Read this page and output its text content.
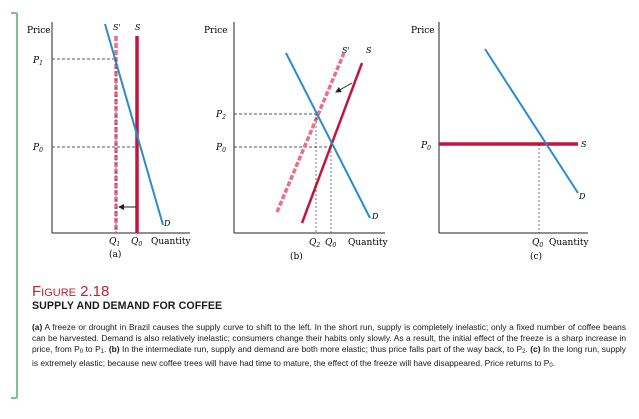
Price
$P_1$
$P_0$
S' S
D
$Q_1$ $Q_0$ Quantity
(a)
Price
$P_2$
$P_0$
S' S
D
$Q_2$ $Q_0$ Quantity
(b)
Price
$P_0$	S
D
$Q_0$ Quantity
(c)
Figure 2.18
SUPPLY AND DEMAND FOR COFFEE

(a) A freeze or drought in Brazil causes the supply curve to shift to the left. In the short run, supply is completely inelastic; only a fixed number of coffee beans can be harvested. Demand is also relatively inelastic; consumers change their habits only slowly. As a result, the initial effect of the freeze is a sharp increase in price, from $P_0$ to $P_1$. (b) In the intermediate run, supply and demand are both more elastic; thus price falls part of the way back, to $P_2$. (c) In the long run, supply is extremely elastic; because new coffee trees will have had time to mature, the effect of the freeze will have disappeared. Price returns to $P_0$.
